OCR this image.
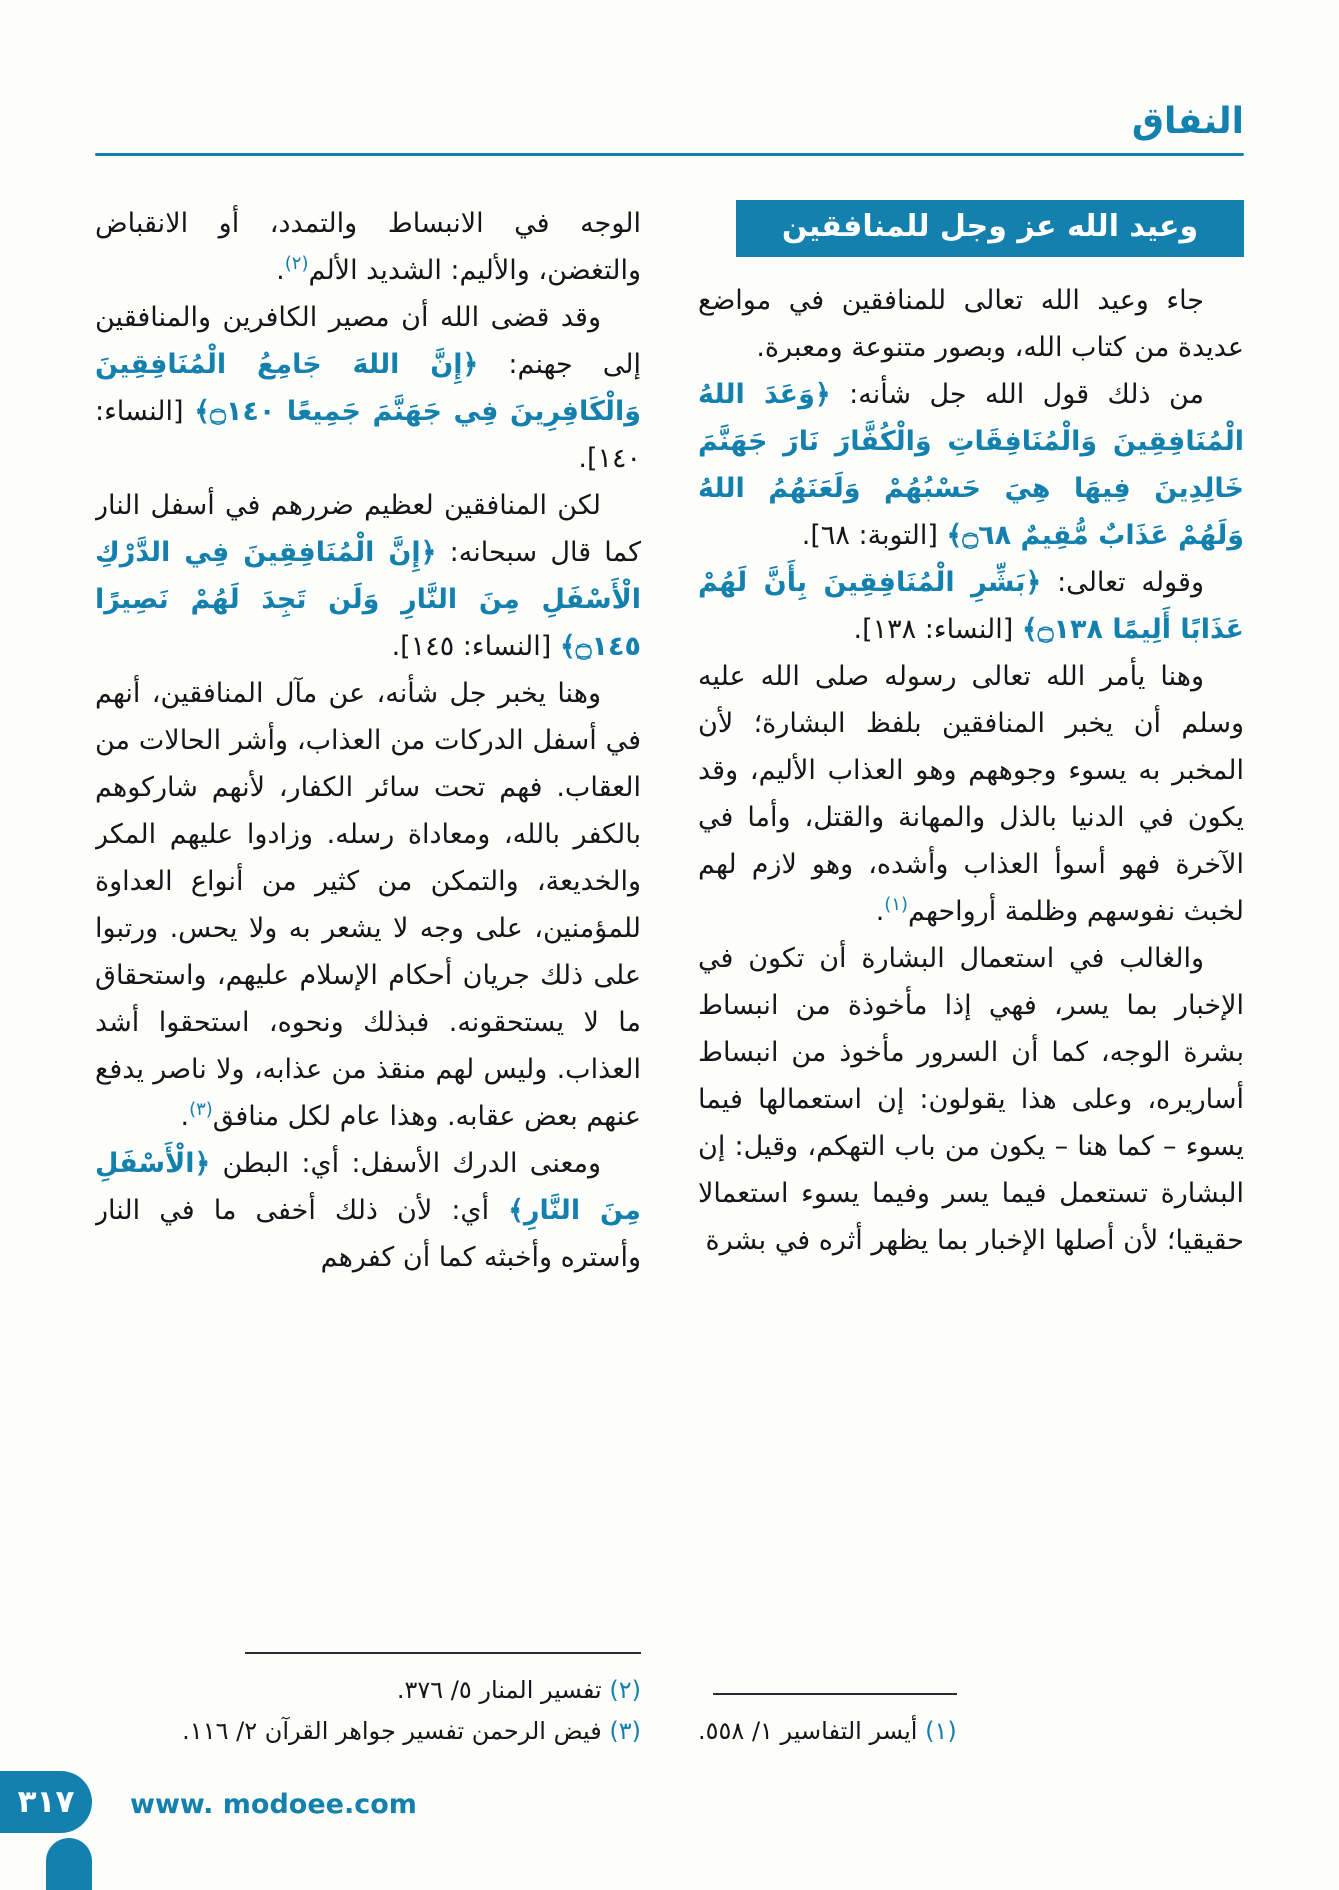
النفاق
وعيد الله عز وجل للمنافقين

جاء وعيد الله تعالى للمنافقين في مواضع عديدة من كتاب الله، وبصور متنوعة ومعبرة.

من ذلك قول الله جل شأنه: ﴿وَعَدَ اللهُ الْمُنَافِقِينَ وَالْمُنَافِقَاتِ وَالْكُفَّارَ نَارَ جَهَنَّمَ خَالِدِينَ فِيهَا هِيَ حَسْبُهُمْ وَلَعَنَهُمُ اللهُ وَلَهُمْ عَذَابٌ مُّقِيمٌ ۝٦٨﴾ [التوبة: ٦٨].

وقوله تعالى: ﴿بَشِّرِ الْمُنَافِقِينَ بِأَنَّ لَهُمْ عَذَابًا أَلِيمًا ۝١٣٨﴾ [النساء: ١٣٨].

وهنا يأمر الله تعالى رسوله صلى الله عليه وسلم أن يخبر المنافقين بلفظ البشارة؛ لأن المخبر به يسوء وجوههم وهو العذاب الأليم، وقد يكون في الدنيا بالذل والمهانة والقتل، وأما في الآخرة فهو أسوأ العذاب وأشده، وهو لازم لهم لخبث نفوسهم وظلمة أرواحهم$^{(١)}$.

والغالب في استعمال البشارة أن تكون في الإخبار بما يسر، فهي إذا مأخوذة من انبساط بشرة الوجه، كما أن السرور مأخوذ من انبساط أساريره، وعلى هذا يقولون: إن استعمالها فيما يسوء – كما هنا – يكون من باب التهكم، وقيل: إن البشارة تستعمل فيما يسر وفيما يسوء استعمالا حقيقيا؛ لأن أصلها الإخبار بما يظهر أثره في بشرة

(١) أيسر التفاسير ١/ ٥٥٨.

الوجه في الانبساط والتمدد، أو الانقباض والتغضن، والأليم: الشديد الألم$^{(٢)}$.

وقد قضى الله أن مصير الكافرين والمنافقين إلى جهنم: ﴿إِنَّ اللهَ جَامِعُ الْمُنَافِقِينَ وَالْكَافِرِينَ فِي جَهَنَّمَ جَمِيعًا ۝١٤٠﴾ [النساء: ١٤٠].

لكن المنافقين لعظيم ضررهم في أسفل النار كما قال سبحانه: ﴿إِنَّ الْمُنَافِقِينَ فِي الدَّرْكِ الْأَسْفَلِ مِنَ النَّارِ وَلَن تَجِدَ لَهُمْ نَصِيرًا ۝١٤٥﴾ [النساء: ١٤٥].

وهنا يخبر جل شأنه، عن مآل المنافقين، أنهم في أسفل الدركات من العذاب، وأشر الحالات من العقاب. فهم تحت سائر الكفار، لأنهم شاركوهم بالكفر بالله، ومعاداة رسله. وزادوا عليهم المكر والخديعة، والتمكن من كثير من أنواع العداوة للمؤمنين، على وجه لا يشعر به ولا يحس. ورتبوا على ذلك جريان أحكام الإسلام عليهم، واستحقاق ما لا يستحقونه. فبذلك ونحوه، استحقوا أشد العذاب. وليس لهم منقذ من عذابه، ولا ناصر يدفع عنهم بعض عقابه. وهذا عام لكل منافق$^{(٣)}$.

ومعنى الدرك الأسفل: أي: البطن ﴿الْأَسْفَلِ مِنَ النَّارِ﴾ أي: لأن ذلك أخفى ما في النار وأستره وأخبثه كما أن كفرهم

(٢) تفسير المنار ٥/ ٣٧٦.
(٣) فيض الرحمن تفسير جواهر القرآن ٢/ ١١٦.
٣١٧ www. modoee.com
